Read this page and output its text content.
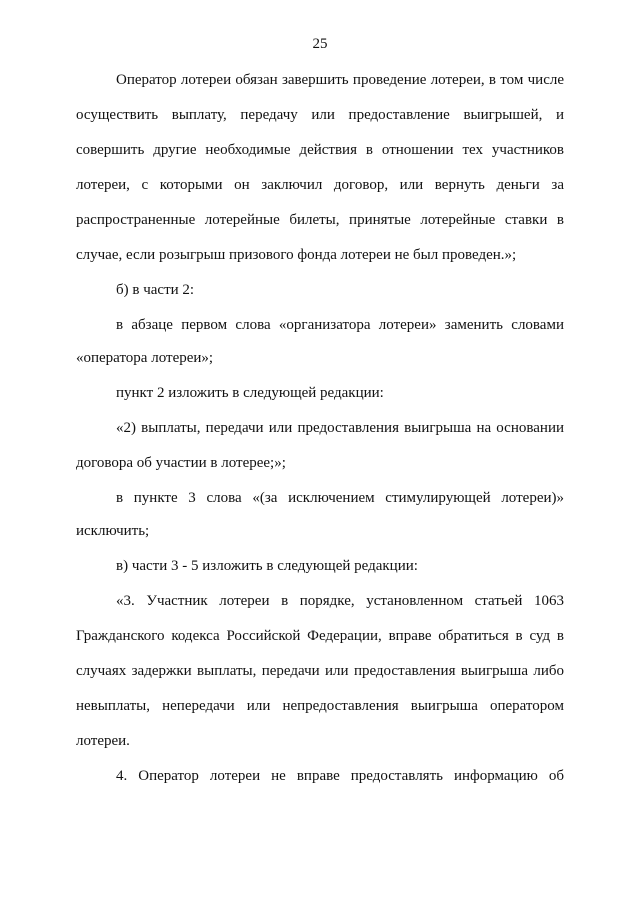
25
Оператор лотереи обязан завершить проведение лотереи, в том числе
осуществить выплату, передачу или предоставление выигрышей, и
совершить другие необходимые действия в отношении тех участников
лотереи, с которыми он заключил договор, или вернуть деньги за
распространенные лотерейные билеты, принятые лотерейные ставки в
случае, если розыгрыш призового фонда лотереи не был проведен.»;
б) в части 2:
в абзаце первом слова «организатора лотереи» заменить словами
«оператора лотереи»;
пункт 2 изложить в следующей редакции:
«2) выплаты, передачи или предоставления выигрыша на основании
договора об участии в лотерее;»;
в пункте 3 слова «(за исключением стимулирующей лотереи)»
исключить;
в) части 3 - 5 изложить в следующей редакции:
«3. Участник лотереи в порядке, установленном статьей 1063
Гражданского кодекса Российской Федерации, вправе обратиться в суд в
случаях задержки выплаты, передачи или предоставления выигрыша либо
невыплаты, непередачи или непредоставления выигрыша оператором
лотереи.
4. Оператор лотереи не вправе предоставлять информацию об
